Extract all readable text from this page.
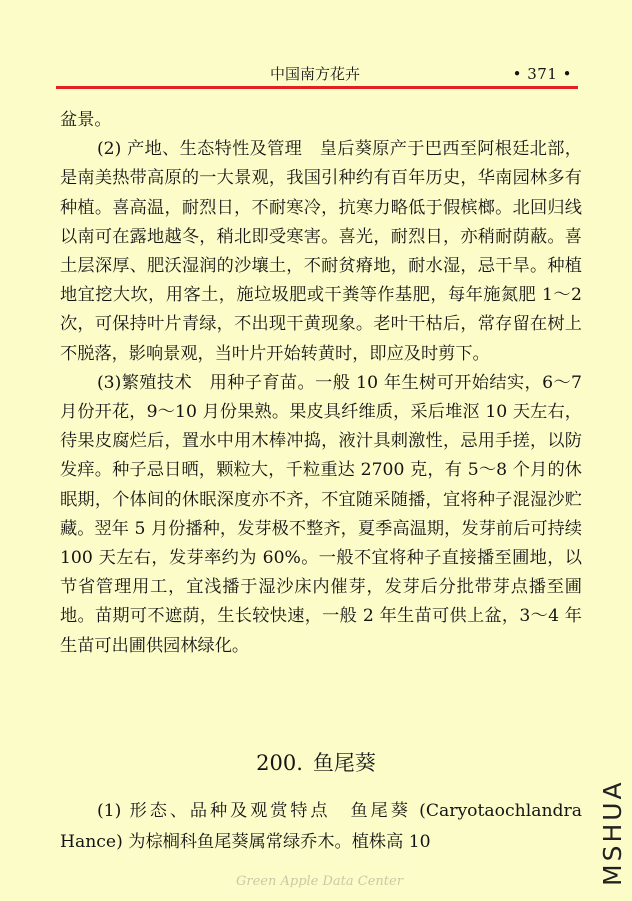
中国南方花卉	• 371 •

盆景。

(2) 产地、生态特性及管理　皇后葵原产于巴西至阿根廷北部，是南美热带高原的一大景观，我国引种约有百年历史，华南园林多有种植。喜高温，耐烈日，不耐寒冷，抗寒力略低于假槟榔。北回归线以南可在露地越冬，稍北即受寒害。喜光，耐烈日，亦稍耐荫蔽。喜土层深厚、肥沃湿润的沙壤土，不耐贫瘠地，耐水湿，忌干旱。种植地宜挖大坎，用客土，施垃圾肥或干粪等作基肥，每年施氮肥 1～2 次，可保持叶片青绿，不出现干黄现象。老叶干枯后，常存留在树上不脱落，影响景观，当叶片开始转黄时，即应及时剪下。

(3)繁殖技术　用种子育苗。一般 10 年生树可开始结实，6～7 月份开花，9～10 月份果熟。果皮具纤维质，采后堆沤 10 天左右，待果皮腐烂后，置水中用木棒冲捣，液汁具刺激性，忌用手搓，以防发痒。种子忌日晒，颗粒大，千粒重达 2700 克，有 5～8 个月的休眠期，个体间的休眠深度亦不齐，不宜随采随播，宜将种子混湿沙贮藏。翌年 5 月份播种，发芽极不整齐，夏季高温期，发芽前后可持续 100 天左右，发芽率约为 60%。一般不宜将种子直接播至圃地，以节省管理用工，宜浅播于湿沙床内催芽，发芽后分批带芽点播至圃地。苗期可不遮荫，生长较快速，一般 2 年生苗可供上盆，3～4 年生苗可出圃供园林绿化。

200. 鱼尾葵

(1) 形态、品种及观赏特点　鱼尾葵 (Caryotaochlandra Hance) 为棕榈科鱼尾葵属常绿乔木。植株高 10	MSHUA
Green Apple Data Center
